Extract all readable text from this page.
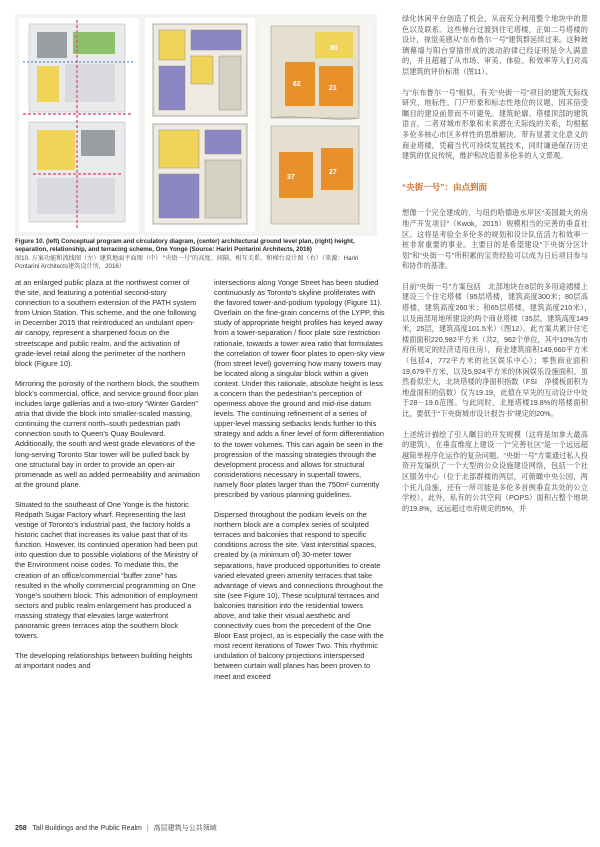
80
62
37
27
21

Figure 10. (left) Conceptual program and circulatory diagram, (center) architectural ground level plan, (right) height, separation, relationship, and terracing scheme, One Yonge (Source: Hariri Pontarini Architects, 2016)

图10. 方案功能和流线图（左）建筑地面平面图（中） “央街一号”的高度、间隔、相互关系、和梯台设计图（右）（来源：Hariri Pontarini Architects建筑设计所，2016）

at an enlarged public plaza at the northwest corner of the site, and featuring a potential second-story connection to a southern extension of the PATH system from Union Station. This scheme, and the one following in December 2015 that reintroduced an undulant open-air canopy, represent a sharpened focus on the streetscape and public realm, and the activation of grade-level retail along the perimeter of the northern block (Figure 10).

Mirroring the porosity of the northern block, the southern block's commercial, office, and service ground floor plan includes large gallerias and a two-story “Winter Garden” atria that divide the block into smaller-scaled massing, continuing the current north–south pedestrian path connection south to Queen's Quay Boulevard. Additionally, the south and west grade elevations of the long-serving Toronto Star tower will be pulled back by one structural bay in order to provide an open-air promenade as well as added permeability and animation at the ground plane.

Situated to the southeast of One Yonge is the historic Redpath Sugar Factory wharf. Representing the last vestige of Toronto's industrial past, the factory holds a historic cachet that increases its value past that of its function. However, its continued operation had been put into question due to possible violations of the Ministry of the Environment noise codes. To mediate this, the creation of an office/commercial “buffer zone” has resulted in the wholly commercial programming on One Yonge's southern block. This admonition of employment sectors and public realm enlargement has produced a massing strategy that elevates large waterfront panoramic green terraces atop the southern block towers.

The developing relationships between building heights at important nodes and

intersections along Yonge Street has been studied continuously as Toronto's skyline proliferates with the favored tower-and-podium typology (Figure 11). Overlain on the fine-grain concerns of the LYPP, this study of appropriate height profiles has keyed away from a tower-separation / floor plate size restriction rationale, towards a tower area ratio that formulates the correlation of tower floor plates to open-sky view (from street level) governing how many towers may be located along a singular block within a given context. Under this rationale, absolute height is less a concern than the pedestrian's perception of openness above the ground and mid-rise datum levels. The continuing refinement of a series of upper-level massing setbacks lends further to this strategy and adds a finer level of form differentiation to the tower volumes. This can again be seen in the progression of the massing strategies through the development process and allows for structural considerations necessary in supertall towers, namely floor plates larger than the 750m² currently prescribed by various planning guidelines.

Dispersed throughout the podium levels on the northern block are a complex series of sculpted terraces and balconies that respond to specific conditions across the site. Vast interstitial spaces, created by (a minimum of) 30-meter tower separations, have produced opportunities to create varied elevated green amenity terraces that take advantage of views and connections throughout the site (see Figure 10). These sculptural terraces and balconies transition into the residential towers above, and take their visual aesthetic and connectivity cues from the precedent of the One Bloor East project, as is especially the case with the most recent iterations of Tower Two. This rhythmic undulation of balcony projections interspersed between curtain wall planes has been proven to meet and exceed

绿化休闲平台创造了机会，从而充分利用整个地块中的景色以及联系。这些梯台过渡到住宅塔楼，正如二号塔楼的设计，视觉美感从“东布鲁尔一号”建筑群延续过来。这种玻璃幕墙与阳台穿插形成的波动韵律已经证明是令人满意的，并且超越了从市场、审美、体验、和效率等人们对高层建筑的评价标准（图11）。

与“东布鲁尔一号”相似，有关“央街一号”项目的建筑天际线研究、地标性、门户形象和标志性地位的议题，因其倍受瞩目的建设前景而不可避免。建筑轮廓、塔楼顶部的建筑语言，二者对城市形象和未来潜在天际线的关系，均根据多伦多核心市区多样性的思维解决。带有显著文化意义的商业塔楼，凭藉当代可持续发展技术，同时谦逊保存历史建筑的优良传统，维护和改造着多伦多的人文景观。

“央街一号”：由点到面

想像一个完全建成的、与纽约哈德逊水岸区“美国最大的房地产开发项目”（Kwok，2015）规模相当的完善的垂直社区。这将是考验全多伦多的规划和设计队伍活力和效率一桩非常重要的事业。主要目的是希望建设“下央街分区计划”和“央街一号”所积累的宝贵经验可以成为日后项目参与和协作的基准。

目前“央街一号”方案包括　北部地块在8层的多用途裙楼上建设三个住宅塔楼（95层塔楼，建筑高度300米；80层高塔楼，建筑高度260米；和65层塔楼，建筑高度210米），　以及南部用地所建设的两个商业塔楼（35层，建筑高度149米，25层，建筑高度101.5米）（图12）。此方案共累计住宅楼面面积220,982平方米（共2，962个单位，其中10%为市府所规定的经济适用住房），商业建筑面积149,660平方米（包括4，772平方米的社区娱乐中心）；零售商业面积19,679平方米，以及5,924平方米的休闲娱乐设施面积。虽然看似宏大，北块塔楼的净面积指数（FSI　净楼板面积为地盘面积的倍数）仅为19.19，此值在早先的互动设计中处于28－19.6范围。与此同时，北厘塔楼19.8%的塔楼面积比，要低于“下央街城市设计报告书”规定的20%。

上述统计描绘了引人瞩目的开发规模（这将是加拿大最高的建筑），在垂直维度上建设一个“完善社区”是一个远远超越简单程序化运作的复杂问题。“央街一号”方案通过私人投资开发编织了一个大型的公众设施建设网络，包括一个社区服务中心（位于北部群楼的两层，可俯瞰中央公园，两个托儿设施，还有一所可能是多伦多首例垂直共处的公立学校）。此外，私有的公共空间（POPS）面积占整个地块的19.8%，远远超过市府规定的5%，并

258 Tall Buildings and the Public Realm | 高层建筑与公共领域
